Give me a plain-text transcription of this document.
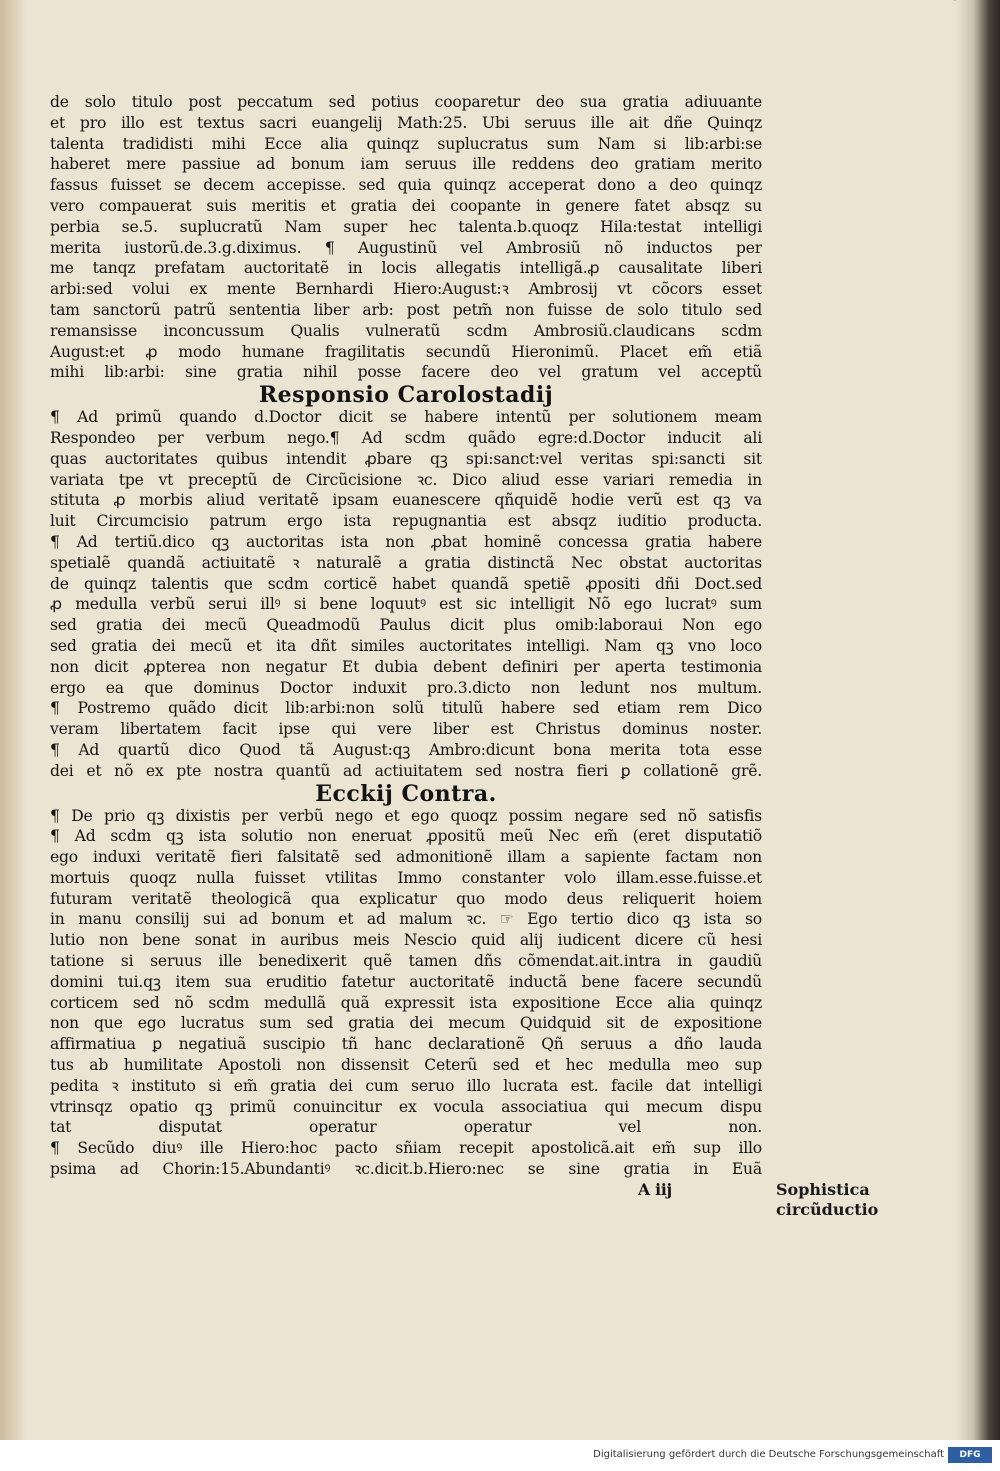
de solo titulo post peccatum sed potius cooparetur deo sua gratia adiuuante
et pro illo est textus sacri euangelij Math:25. Ubi seruus ille ait dñe Quinqz
talenta tradidisti mihi Ecce alia quinqz suplucratus sum Nam si lib:arbi:se
haberet mere passiue ad bonum iam seruus ille reddens deo gratiam merito
fassus fuisset se decem accepisse. sed quia quinqz acceperat dono a deo quinqz
vero compauerat suis meritis et gratia dei coopante in genere fatet absqz su
perbia se.5. suplucratũ Nam super hec talenta.b.quoqz Hila:testat intelligi
merita iustorũ.de.3.g.diximus. ¶ Augustinũ vel Ambrosiũ nõ inductos per
me tanqz prefatam auctoritatẽ in locis allegatis intelligã.ꝓ causalitate liberi
arbi:sed volui ex mente Bernhardi Hiero:August:ꝛ Ambrosij vt cõcors esset
tam sanctorũ patrũ sententia liber arb: post petm̃ non fuisse de solo titulo sed
remansisse inconcussum Qualis vulneratũ scdm Ambrosiũ.claudicans scdm
August:et ꝓ modo humane fragilitatis secundũ Hieronimũ. Placet em̃ etiã
mihi lib:arbi: sine gratia nihil posse facere deo vel gratum vel acceptũ
Responsio Carolostadij
¶ Ad primũ quando d.Doctor dicit se habere intentũ per solutionem meam
Respondeo per verbum nego.¶ Ad scdm quãdo egre:d.Doctor inducit ali
quas auctoritates quibus intendit ꝓbare qꝫ spi:sanct:vel veritas spi:sancti sit
variata tpe vt preceptũ de Circũcisione ꝛc. Dico aliud esse variari remedia in
stituta ꝓ morbis aliud veritatẽ ipsam euanescere qñquidẽ hodie verũ est qꝫ va
luit Circumcisio patrum ergo ista repugnantia est absqz iuditio producta.
¶ Ad tertiũ.dico qꝫ auctoritas ista non ꝓbat hominẽ concessa gratia habere
spetialẽ quandã actiuitatẽ ꝛ naturalẽ a gratia distinctã Nec obstat auctoritas
de quinqz talentis que scdm corticẽ habet quandã spetiẽ ꝓpositi dñi Doct.sed
ꝓ medulla verbũ serui illꝰ si bene loquutꝰ est sic intelligit Nõ ego lucratꝰ sum
sed gratia dei mecũ Queadmodũ Paulus dicit plus omib:laboraui Non ego
sed gratia dei mecũ et ita dñt similes auctoritates intelligi. Nam qꝫ vno loco
non dicit ꝓpterea non negatur Et dubia debent definiri per aperta testimonia
ergo ea que dominus Doctor induxit pro.3.dicto non ledunt nos multum.
¶ Postremo quãdo dicit lib:arbi:non solũ titulũ habere sed etiam rem Dico
veram libertatem facit ipse qui vere liber est Christus dominus noster.
¶ Ad quartũ dico Quod tã August:qꝫ Ambro:dicunt bona merita tota esse
dei et nõ ex pte nostra quantũ ad actiuitatem sed nostra fieri ꝑ collationẽ grẽ.
Ecckij Contra.
¶ De prio qꝫ dixistis per verbũ nego et ego quoqz possim negare sed nõ satisfis
¶ Ad scdm qꝫ ista solutio non eneruat ꝓpositũ meũ Nec em̃ (eret disputatiõ
ego induxi veritatẽ fieri falsitatẽ sed admonitionẽ illam a sapiente factam non
mortuis quoqz nulla fuisset vtilitas Immo constanter volo illam.esse.fuisse.et
futuram veritatẽ theologicã qua explicatur quo modo deus reliquerit hoiem
in manu consilij sui ad bonum et ad malum ꝛc. ☞ Ego tertio dico qꝫ ista so
lutio non bene sonat in auribus meis Nescio quid alij iudicent dicere cũ hesi
tatione si seruus ille benedixerit quẽ tamen dñs cõmendat.ait.intra in gaudiũ
domini tui.qꝫ item sua eruditio fatetur auctoritatẽ inductã bene facere secundũ
corticem sed nõ scdm medullã quã expressit ista expositione Ecce alia quinqz
non que ego lucratus sum sed gratia dei mecum Quidquid sit de expositione
affirmatiua ꝑ negatiuã suscipio tñ hanc declarationẽ Qñ seruus a dño lauda
tus ab humilitate Apostoli non dissensit Ceterũ sed et hec medulla meo sup
pedita ꝛ instituto si em̃ gratia dei cum seruo illo lucrata est. facile dat intelligi
vtrinsqz opatio qꝫ primũ conuincitur ex vocula associatiua qui mecum dispu
tat disputat operatur operatur vel non.
¶ Secũdo diuꝰ ille Hiero:hoc pacto sñiam recepit apostolicã.ait em̃ sup illo
psima ad Chorin:15.Abundantiꝰ ꝛc.dicit.b.Hiero:nec se sine gratia in Euã
A iij	Sophistica
circũductio
Digitalisierung gefördert durch die Deutsche Forschungsgemeinschaft	DFG
